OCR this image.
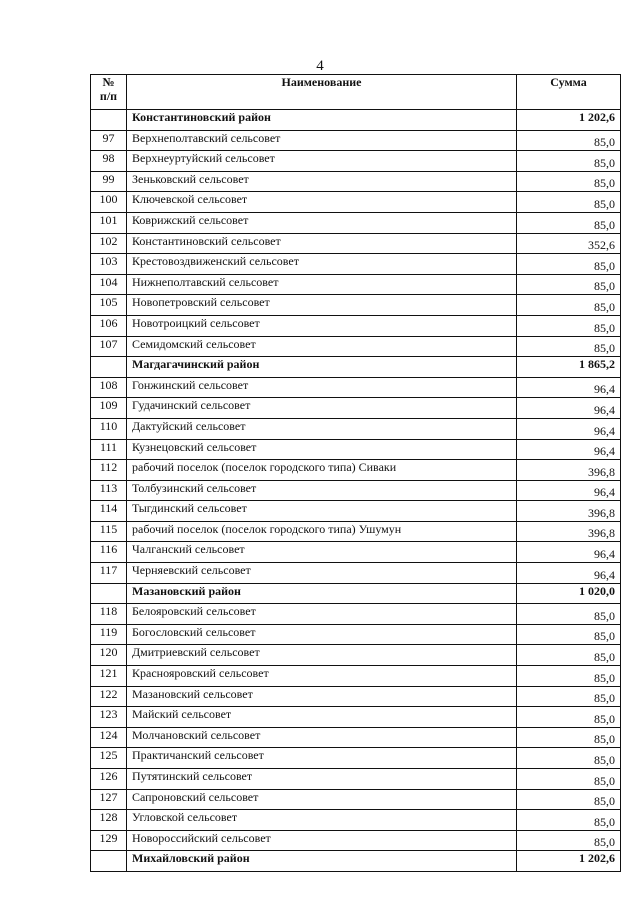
4
№
п/п	Наименование	Сумма
	Константиновский район	1 202,6
97	Верхнеполтавский сельсовет	85,0
98	Верхнеуртуйский сельсовет	85,0
99	Зеньковский сельсовет	85,0
100	Ключевской сельсовет	85,0
101	Коврижский сельсовет	85,0
102	Константиновский сельсовет	352,6
103	Крестовоздвиженский сельсовет	85,0
104	Нижнеполтавский сельсовет	85,0
105	Новопетровский сельсовет	85,0
106	Новотроицкий сельсовет	85,0
107	Семидомский сельсовет	85,0
	Магдагачинский район	1 865,2
108	Гонжинский сельсовет	96,4
109	Гудачинский сельсовет	96,4
110	Дактуйский сельсовет	96,4
111	Кузнецовский сельсовет	96,4
112	рабочий поселок (поселок городского типа) Сиваки	396,8
113	Толбузинский сельсовет	96,4
114	Тыгдинский сельсовет	396,8
115	рабочий поселок (поселок городского типа) Ушумун	396,8
116	Чалганский сельсовет	96,4
117	Черняевский сельсовет	96,4
	Мазановский район	1 020,0
118	Белояровский сельсовет	85,0
119	Богословский сельсовет	85,0
120	Дмитриевский сельсовет	85,0
121	Краснояровский сельсовет	85,0
122	Мазановский сельсовет	85,0
123	Майский сельсовет	85,0
124	Молчановский сельсовет	85,0
125	Практичанский сельсовет	85,0
126	Путятинский сельсовет	85,0
127	Сапроновский сельсовет	85,0
128	Угловской сельсовет	85,0
129	Новороссийский сельсовет	85,0
	Михайловский район	1 202,6
